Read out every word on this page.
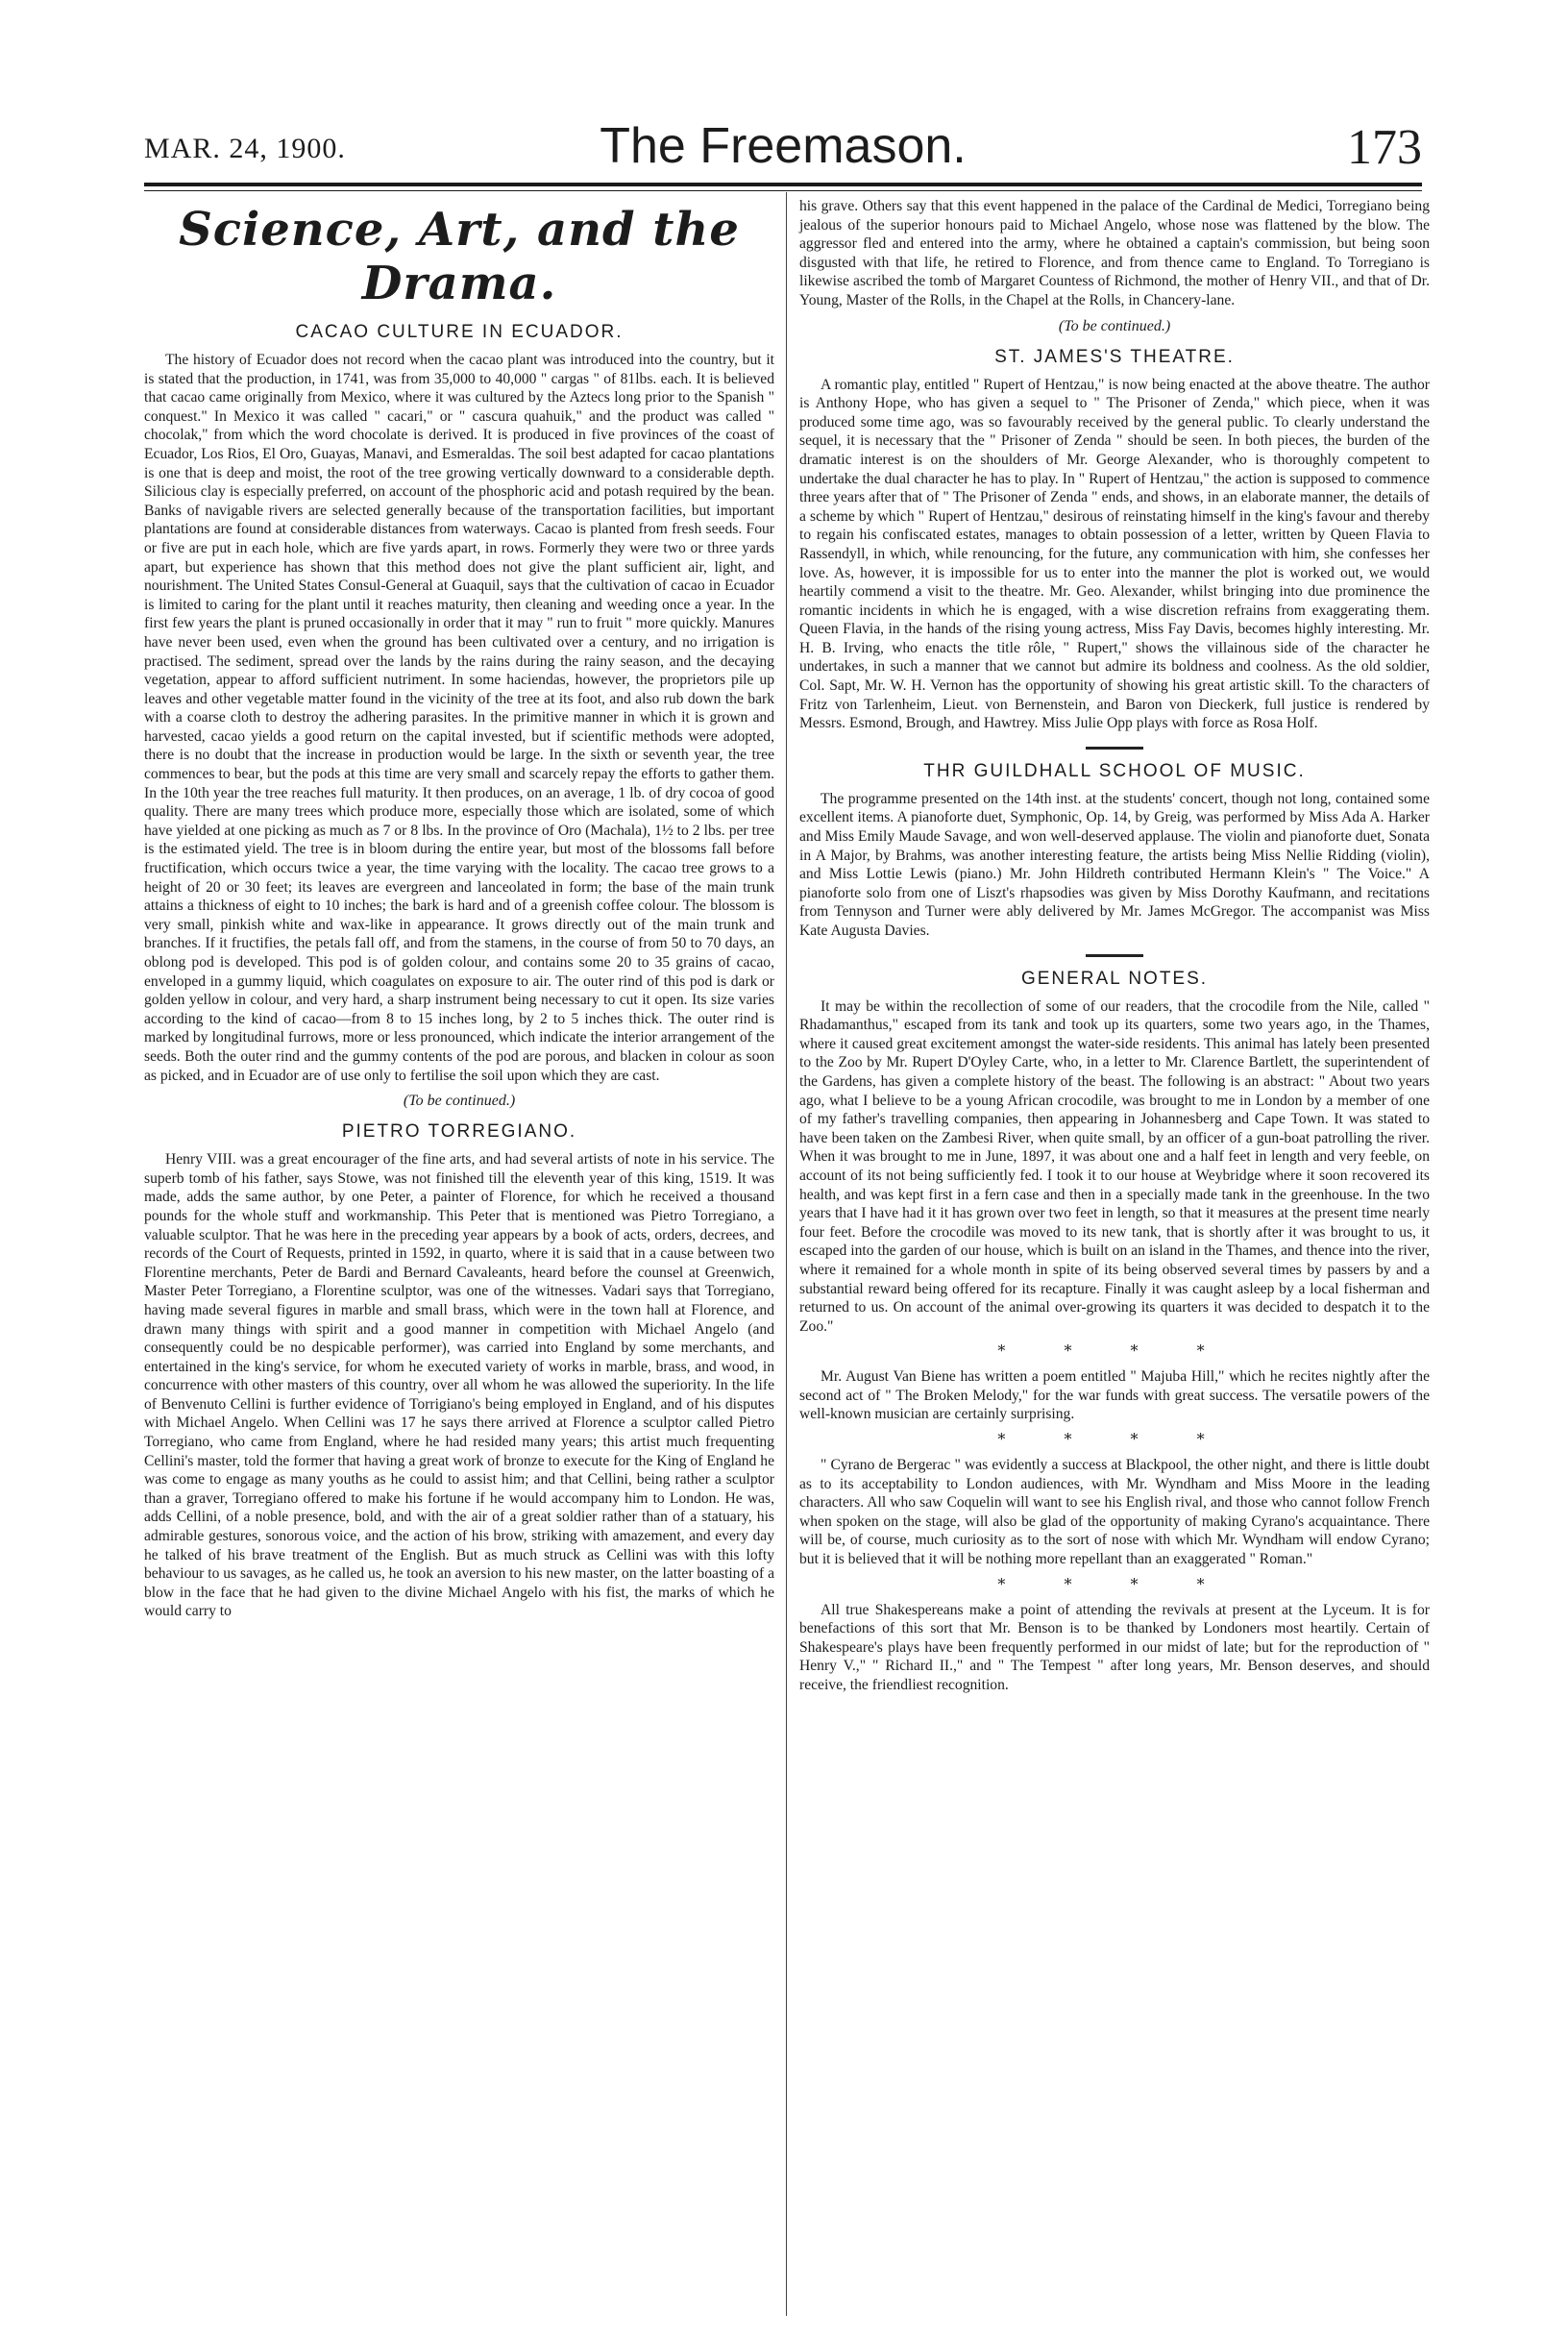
MAR. 24, 1900.	The Freemason.	173
Science, Art, and the Drama.
CACAO CULTURE IN ECUADOR.

The history of Ecuador does not record when the cacao plant was introduced into the country, but it is stated that the production, in 1741, was from 35,000 to 40,000 " cargas " of 81lbs. each. It is believed that cacao came originally from Mexico, where it was cultured by the Aztecs long prior to the Spanish " conquest." In Mexico it was called " cacari," or " cascura quahuik," and the product was called " chocolak," from which the word chocolate is derived. It is produced in five provinces of the coast of Ecuador, Los Rios, El Oro, Guayas, Manavi, and Esmeraldas. The soil best adapted for cacao plantations is one that is deep and moist, the root of the tree growing vertically downward to a considerable depth. Silicious clay is especially preferred, on account of the phosphoric acid and potash required by the bean. Banks of navigable rivers are selected generally because of the transportation facilities, but important plantations are found at considerable distances from waterways. Cacao is planted from fresh seeds. Four or five are put in each hole, which are five yards apart, in rows. Formerly they were two or three yards apart, but experience has shown that this method does not give the plant sufficient air, light, and nourishment. The United States Consul-General at Guaquil, says that the cultivation of cacao in Ecuador is limited to caring for the plant until it reaches maturity, then cleaning and weeding once a year. In the first few years the plant is pruned occasionally in order that it may " run to fruit " more quickly. Manures have never been used, even when the ground has been cultivated over a century, and no irrigation is practised. The sediment, spread over the lands by the rains during the rainy season, and the decaying vegetation, appear to afford sufficient nutriment. In some haciendas, however, the proprietors pile up leaves and other vegetable matter found in the vicinity of the tree at its foot, and also rub down the bark with a coarse cloth to destroy the adhering parasites. In the primitive manner in which it is grown and harvested, cacao yields a good return on the capital invested, but if scientific methods were adopted, there is no doubt that the increase in production would be large. In the sixth or seventh year, the tree commences to bear, but the pods at this time are very small and scarcely repay the efforts to gather them. In the 10th year the tree reaches full maturity. It then produces, on an average, 1 lb. of dry cocoa of good quality. There are many trees which produce more, especially those which are isolated, some of which have yielded at one picking as much as 7 or 8 lbs. In the province of Oro (Machala), 1½ to 2 lbs. per tree is the estimated yield. The tree is in bloom during the entire year, but most of the blossoms fall before fructification, which occurs twice a year, the time varying with the locality. The cacao tree grows to a height of 20 or 30 feet; its leaves are evergreen and lanceolated in form; the base of the main trunk attains a thickness of eight to 10 inches; the bark is hard and of a greenish coffee colour. The blossom is very small, pinkish white and wax-like in appearance. It grows directly out of the main trunk and branches. If it fructifies, the petals fall off, and from the stamens, in the course of from 50 to 70 days, an oblong pod is developed. This pod is of golden colour, and contains some 20 to 35 grains of cacao, enveloped in a gummy liquid, which coagulates on exposure to air. The outer rind of this pod is dark or golden yellow in colour, and very hard, a sharp instrument being necessary to cut it open. Its size varies according to the kind of cacao—from 8 to 15 inches long, by 2 to 5 inches thick. The outer rind is marked by longitudinal furrows, more or less pronounced, which indicate the interior arrangement of the seeds. Both the outer rind and the gummy contents of the pod are porous, and blacken in colour as soon as picked, and in Ecuador are of use only to fertilise the soil upon which they are cast.

(To be continued.)

PIETRO TORREGIANO.

Henry VIII. was a great encourager of the fine arts, and had several artists of note in his service. The superb tomb of his father, says Stowe, was not finished till the eleventh year of this king, 1519. It was made, adds the same author, by one Peter, a painter of Florence, for which he received a thousand pounds for the whole stuff and workmanship. This Peter that is mentioned was Pietro Torregiano, a valuable sculptor. That he was here in the preceding year appears by a book of acts, orders, decrees, and records of the Court of Requests, printed in 1592, in quarto, where it is said that in a cause between two Florentine merchants, Peter de Bardi and Bernard Cavaleants, heard before the counsel at Greenwich, Master Peter Torregiano, a Florentine sculptor, was one of the witnesses. Vadari says that Torregiano, having made several figures in marble and small brass, which were in the town hall at Florence, and drawn many things with spirit and a good manner in competition with Michael Angelo (and consequently could be no despicable performer), was carried into England by some merchants, and entertained in the king's service, for whom he executed variety of works in marble, brass, and wood, in concurrence with other masters of this country, over all whom he was allowed the superiority. In the life of Benvenuto Cellini is further evidence of Torrigiano's being employed in England, and of his disputes with Michael Angelo. When Cellini was 17 he says there arrived at Florence a sculptor called Pietro Torregiano, who came from England, where he had resided many years; this artist much frequenting Cellini's master, told the former that having a great work of bronze to execute for the King of England he was come to engage as many youths as he could to assist him; and that Cellini, being rather a sculptor than a graver, Torregiano offered to make his fortune if he would accompany him to London. He was, adds Cellini, of a noble presence, bold, and with the air of a great soldier rather than of a statuary, his admirable gestures, sonorous voice, and the action of his brow, striking with amazement, and every day he talked of his brave treatment of the English. But as much struck as Cellini was with this lofty behaviour to us savages, as he called us, he took an aversion to his new master, on the latter boasting of a blow in the face that he had given to the divine Michael Angelo with his fist, the marks of which he would carry to

his grave. Others say that this event happened in the palace of the Cardinal de Medici, Torregiano being jealous of the superior honours paid to Michael Angelo, whose nose was flattened by the blow. The aggressor fled and entered into the army, where he obtained a captain's commission, but being soon disgusted with that life, he retired to Florence, and from thence came to England. To Torregiano is likewise ascribed the tomb of Margaret Countess of Richmond, the mother of Henry VII., and that of Dr. Young, Master of the Rolls, in the Chapel at the Rolls, in Chancery-lane.

(To be continued.)

ST. JAMES'S THEATRE.

A romantic play, entitled " Rupert of Hentzau," is now being enacted at the above theatre. The author is Anthony Hope, who has given a sequel to " The Prisoner of Zenda," which piece, when it was produced some time ago, was so favourably received by the general public. To clearly understand the sequel, it is necessary that the " Prisoner of Zenda " should be seen. In both pieces, the burden of the dramatic interest is on the shoulders of Mr. George Alexander, who is thoroughly competent to undertake the dual character he has to play. In " Rupert of Hentzau," the action is supposed to commence three years after that of " The Prisoner of Zenda " ends, and shows, in an elaborate manner, the details of a scheme by which " Rupert of Hentzau," desirous of reinstating himself in the king's favour and thereby to regain his confiscated estates, manages to obtain possession of a letter, written by Queen Flavia to Rassendyll, in which, while renouncing, for the future, any communication with him, she confesses her love. As, however, it is impossible for us to enter into the manner the plot is worked out, we would heartily commend a visit to the theatre. Mr. Geo. Alexander, whilst bringing into due prominence the romantic incidents in which he is engaged, with a wise discretion refrains from exaggerating them. Queen Flavia, in the hands of the rising young actress, Miss Fay Davis, becomes highly interesting. Mr. H. B. Irving, who enacts the title rôle, " Rupert," shows the villainous side of the character he undertakes, in such a manner that we cannot but admire its boldness and coolness. As the old soldier, Col. Sapt, Mr. W. H. Vernon has the opportunity of showing his great artistic skill. To the characters of Fritz von Tarlenheim, Lieut. von Bernenstein, and Baron von Dieckerk, full justice is rendered by Messrs. Esmond, Brough, and Hawtrey. Miss Julie Opp plays with force as Rosa Holf.

THR GUILDHALL SCHOOL OF MUSIC.

The programme presented on the 14th inst. at the students' concert, though not long, contained some excellent items. A pianoforte duet, Symphonic, Op. 14, by Greig, was performed by Miss Ada A. Harker and Miss Emily Maude Savage, and won well-deserved applause. The violin and pianoforte duet, Sonata in A Major, by Brahms, was another interesting feature, the artists being Miss Nellie Ridding (violin), and Miss Lottie Lewis (piano.) Mr. John Hildreth contributed Hermann Klein's " The Voice." A pianoforte solo from one of Liszt's rhapsodies was given by Miss Dorothy Kaufmann, and recitations from Tennyson and Turner were ably delivered by Mr. James McGregor. The accompanist was Miss Kate Augusta Davies.

GENERAL NOTES.

It may be within the recollection of some of our readers, that the crocodile from the Nile, called " Rhadamanthus," escaped from its tank and took up its quarters, some two years ago, in the Thames, where it caused great excitement amongst the water-side residents. This animal has lately been presented to the Zoo by Mr. Rupert D'Oyley Carte, who, in a letter to Mr. Clarence Bartlett, the superintendent of the Gardens, has given a complete history of the beast. The following is an abstract: " About two years ago, what I believe to be a young African crocodile, was brought to me in London by a member of one of my father's travelling companies, then appearing in Johannesberg and Cape Town. It was stated to have been taken on the Zambesi River, when quite small, by an officer of a gun-boat patrolling the river. When it was brought to me in June, 1897, it was about one and a half feet in length and very feeble, on account of its not being sufficiently fed. I took it to our house at Weybridge where it soon recovered its health, and was kept first in a fern case and then in a specially made tank in the greenhouse. In the two years that I have had it it has grown over two feet in length, so that it measures at the present time nearly four feet. Before the crocodile was moved to its new tank, that is shortly after it was brought to us, it escaped into the garden of our house, which is built on an island in the Thames, and thence into the river, where it remained for a whole month in spite of its being observed several times by passers by and a substantial reward being offered for its recapture. Finally it was caught asleep by a local fisherman and returned to us. On account of the animal over-growing its quarters it was decided to despatch it to the Zoo."

* * * *

Mr. August Van Biene has written a poem entitled " Majuba Hill," which he recites nightly after the second act of " The Broken Melody," for the war funds with great success. The versatile powers of the well-known musician are certainly surprising.

* * * *

" Cyrano de Bergerac " was evidently a success at Blackpool, the other night, and there is little doubt as to its acceptability to London audiences, with Mr. Wyndham and Miss Moore in the leading characters. All who saw Coquelin will want to see his English rival, and those who cannot follow French when spoken on the stage, will also be glad of the opportunity of making Cyrano's acquaintance. There will be, of course, much curiosity as to the sort of nose with which Mr. Wyndham will endow Cyrano; but it is believed that it will be nothing more repellant than an exaggerated " Roman."

* * * *

All true Shakespereans make a point of attending the revivals at present at the Lyceum. It is for benefactions of this sort that Mr. Benson is to be thanked by Londoners most heartily. Certain of Shakespeare's plays have been frequently performed in our midst of late; but for the reproduction of " Henry V.," " Richard II.," and " The Tempest " after long years, Mr. Benson deserves, and should receive, the friendliest recognition.
